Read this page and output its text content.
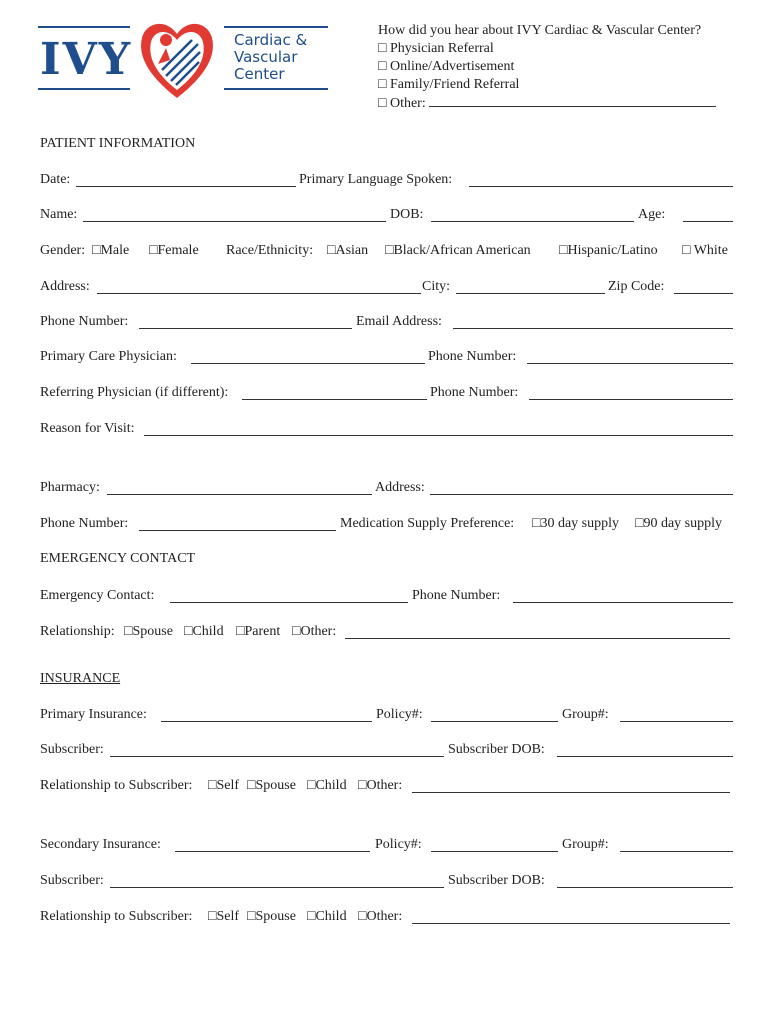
IVY	Cardiac &
Vascular
Center
How did you hear about IVY Cardiac & Vascular Center?
□ Physician Referral
□ Online/Advertisement
□ Family/Friend Referral
□ Other:
PATIENT INFORMATION
Date:	Primary Language Spoken:
Name:	DOB:	Age:
Gender: □Male □Female Race/Ethnicity: □Asian □Black/African American □Hispanic/Latino □ White
Address:	City:	Zip Code:
Phone Number:	Email Address:
Primary Care Physician:	Phone Number:
Referring Physician (if different):	Phone Number:
Reason for Visit:
Pharmacy:	Address:
Phone Number:	Medication Supply Preference: □30 day supply □90 day supply
EMERGENCY CONTACT
Emergency Contact:	Phone Number:
Relationship: □Spouse □Child □Parent □Other:
INSURANCE
Primary Insurance:	Policy#:	Group#:
Subscriber:	Subscriber DOB:
Relationship to Subscriber: □Self □Spouse □Child □Other:
Secondary Insurance:	Policy#:	Group#:
Subscriber:	Subscriber DOB:
Relationship to Subscriber: □Self □Spouse □Child □Other:
